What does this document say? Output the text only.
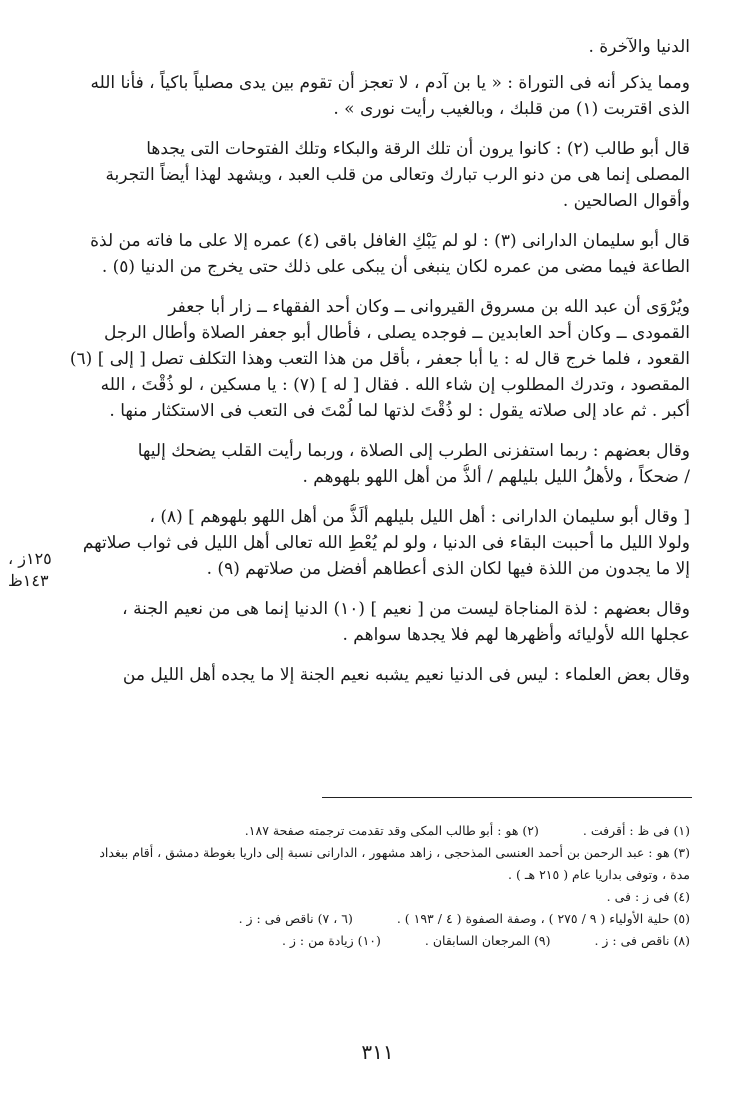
الدنيا والآخرة .
ومما يذكر أنه فى التوراة : « يا بن آدم ، لا تعجز أن تقوم بين يدى مصلياً باكياً ، فأنا الله
الذى اقتربت (١) من قلبك ، وبالغيب رأيت نورى » .
قال أبو طالب (٢) : كانوا يرون أن تلك الرقة والبكاء وتلك الفتوحات التى يجدها
المصلى إنما هى من دنو الرب تبارك وتعالى من قلب العبد ، ويشهد لهذا أيضاً التجربة
وأقوال الصالحين .
قال أبو سليمان الدارانى (٣) : لو لم يَبْكِ الغافل باقى (٤) عمره إلا على ما فاته من لذة
الطاعة فيما مضى من عمره لكان ينبغى أن يبكى على ذلك حتى يخرج من الدنيا (٥) .
ويُرْوَى أن عبد الله بن مسروق القيروانى ــ وكان أحد الفقهاء ــ زار أبا جعفر
القمودى ــ وكان أحد العابدين ــ فوجده يصلى ، فأطال أبو جعفر الصلاة وأطال الرجل
القعود ، فلما خرج قال له : يا أبا جعفر ، بأقل من هذا التعب وهذا التكلف تصل [ إلى ] (٦)
المقصود ، وتدرك المطلوب إن شاء الله . فقال [ له ] (٧) : يا مسكين ، لو ذُقْتَ ، الله
أكبر . ثم عاد إلى صلاته يقول : لو ذُقْتَ لذتها لما لُمْتَ فى التعب فى الاستكثار منها .
وقال بعضهم : ربما استفزنى الطرب إلى الصلاة ، وربما رأيت القلب يضحك إليها
/ ضحكاً ، ولأهلُ الليل بليلهم / ألذُّ من أهل اللهو بلهوهم .
[ وقال أبو سليمان الدارانى : أهل الليل بليلهم ألَذُّ من أهل اللهو بلهوهم ] (٨) ،
ولولا الليل ما أحببت البقاء فى الدنيا ، ولو لم يُعْطِ الله تعالى أهل الليل فى ثواب صلاتهم
إلا ما يجدون من اللذة فيها لكان الذى أعطاهم أفضل من صلاتهم (٩) .
وقال بعضهم : لذة المناجاة ليست من [ نعيم ] (١٠) الدنيا إنما هى من نعيم الجنة ،
عجلها الله لأوليائه وأظهرها لهم فلا يجدها سواهم .
وقال بعض العلماء : ليس فى الدنيا نعيم يشبه نعيم الجنة إلا ما يجده أهل الليل من
١٢٥ز ،
١٤٣ظ
(١) فى ظ : أقرفت .
(٢) هو : أبو طالب المكى وقد تقدمت ترجمته صفحة ١٨٧.
(٣) هو : عبد الرحمن بن أحمد العنسى المذحجى ، زاهد مشهور ، الدارانى نسبة إلى داريا بغوطة دمشق ، أقام ببغداد
مدة ، وتوفى بداريا عام ( ٢١٥ هـ ) .
(٤) فى ز : فى .
(٥) حلية الأولياء ( ٩ / ٢٧٥ ) ، وصفة الصفوة ( ٤ / ١٩٣ ) .
(٦ ، ٧) ناقص فى : ز .
(٨) ناقص فى : ز .
(٩) المرجعان السابقان .
(١٠) زيادة من : ز .
٣١١
